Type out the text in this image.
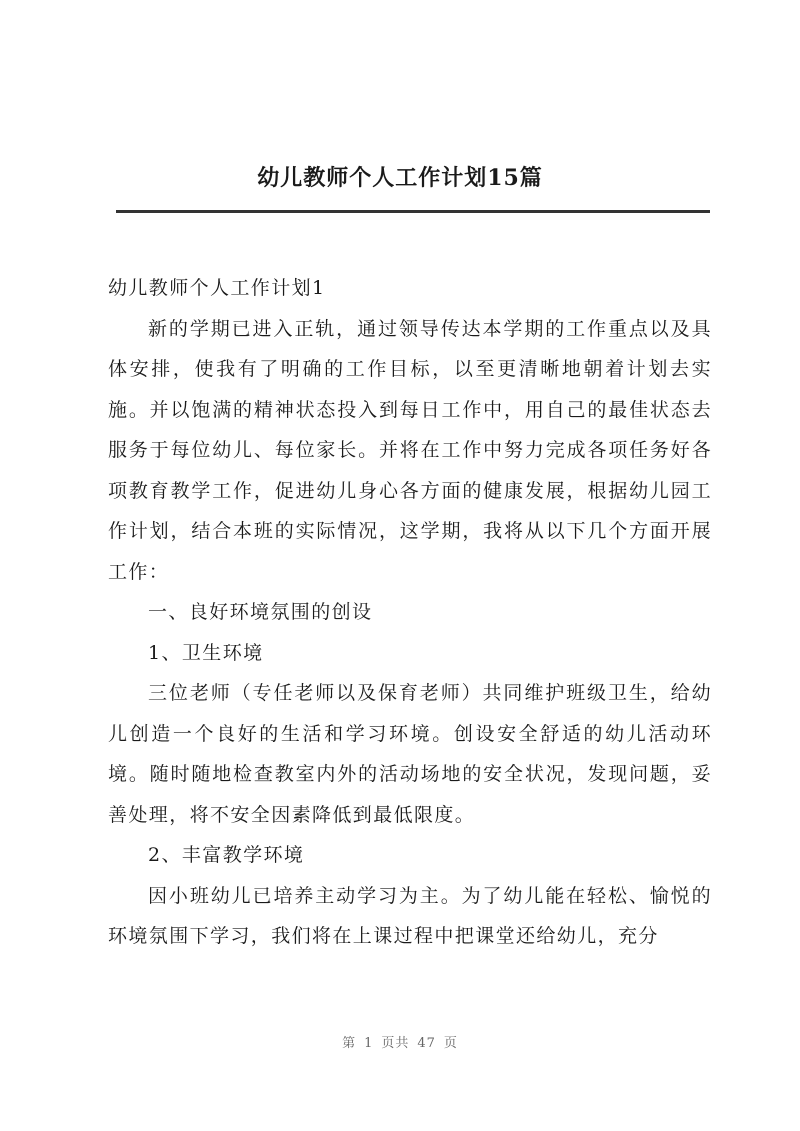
幼儿教师个人工作计划15篇

幼儿教师个人工作计划1

新的学期已进入正轨，通过领导传达本学期的工作重点以及具体安排，使我有了明确的工作目标，以至更清晰地朝着计划去实施。并以饱满的精神状态投入到每日工作中，用自己的最佳状态去服务于每位幼儿、每位家长。并将在工作中努力完成各项任务好各项教育教学工作，促进幼儿身心各方面的健康发展，根据幼儿园工作计划，结合本班的实际情况，这学期，我将从以下几个方面开展工作：

一、良好环境氛围的创设

1、卫生环境

三位老师（专任老师以及保育老师）共同维护班级卫生，给幼儿创造一个良好的生活和学习环境。创设安全舒适的幼儿活动环境。随时随地检查教室内外的活动场地的安全状况，发现问题，妥善处理，将不安全因素降低到最低限度。

2、丰富教学环境

因小班幼儿已培养主动学习为主。为了幼儿能在轻松、愉悦的环境氛围下学习，我们将在上课过程中把课堂还给幼儿，充分

第 1 页共 47 页
